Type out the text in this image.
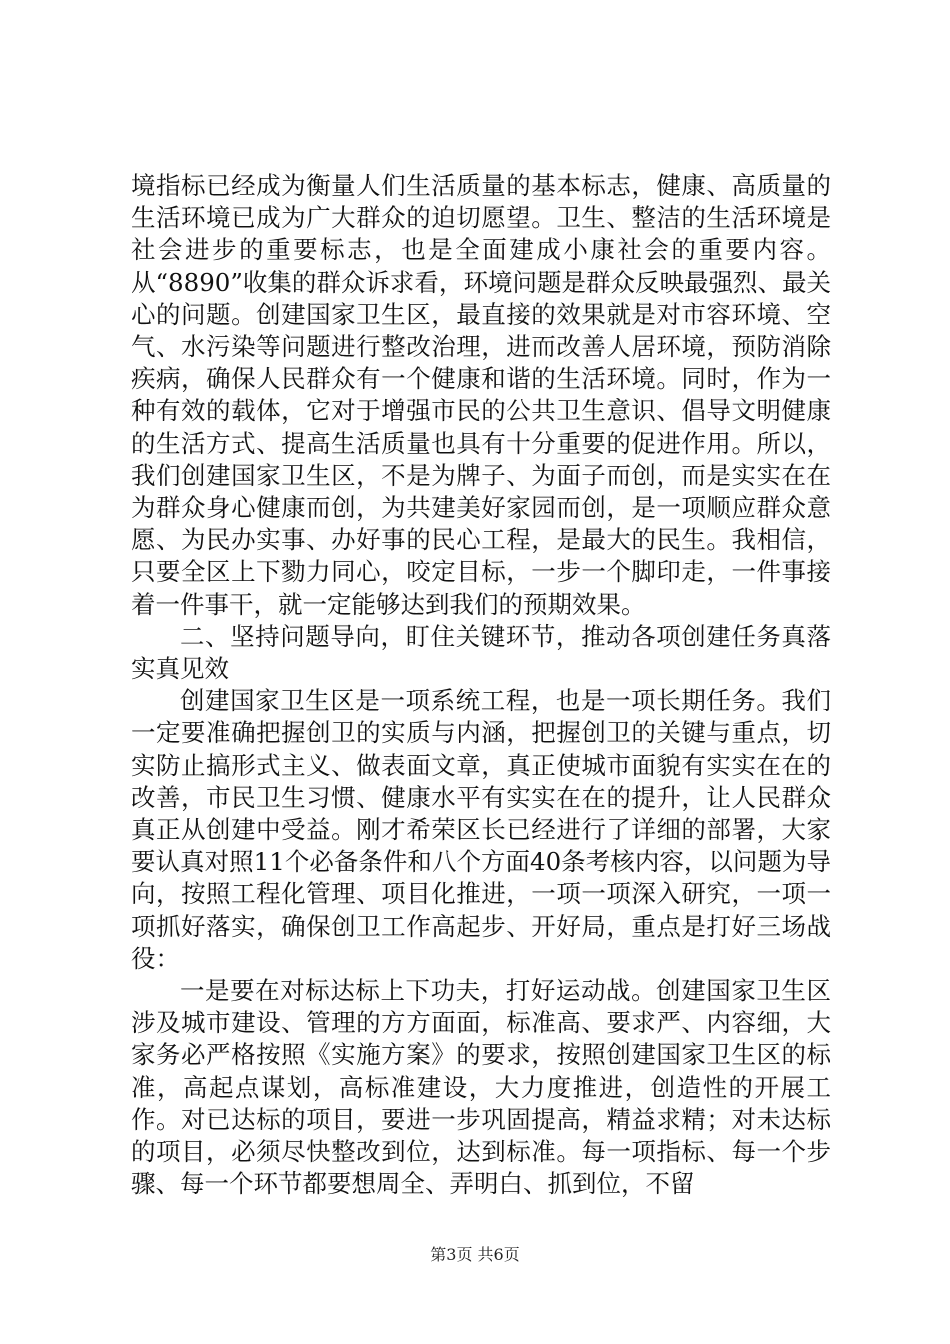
境指标已经成为衡量人们生活质量的基本标志，健康、高质量的生活环境已成为广大群众的迫切愿望。卫生、整洁的生活环境是社会进步的重要标志，也是全面建成小康社会的重要内容。从“8890”收集的群众诉求看，环境问题是群众反映最强烈、最关心的问题。创建国家卫生区，最直接的效果就是对市容环境、空气、水污染等问题进行整改治理，进而改善人居环境，预防消除疾病，确保人民群众有一个健康和谐的生活环境。同时，作为一种有效的载体，它对于增强市民的公共卫生意识、倡导文明健康的生活方式、提高生活质量也具有十分重要的促进作用。所以，我们创建国家卫生区，不是为牌子、为面子而创，而是实实在在为群众身心健康而创，为共建美好家园而创，是一项顺应群众意愿、为民办实事、办好事的民心工程，是最大的民生。我相信，只要全区上下勠力同心，咬定目标，一步一个脚印走，一件事接着一件事干，就一定能够达到我们的预期效果。

二、坚持问题导向，盯住关键环节，推动各项创建任务真落实真见效

创建国家卫生区是一项系统工程，也是一项长期任务。我们一定要准确把握创卫的实质与内涵，把握创卫的关键与重点，切实防止搞形式主义、做表面文章，真正使城市面貌有实实在在的改善，市民卫生习惯、健康水平有实实在在的提升，让人民群众真正从创建中受益。刚才希荣区长已经进行了详细的部署，大家要认真对照11个必备条件和八个方面40条考核内容，以问题为导向，按照工程化管理、项目化推进，一项一项深入研究，一项一项抓好落实，确保创卫工作高起步、开好局，重点是打好三场战役：

一是要在对标达标上下功夫，打好运动战。创建国家卫生区涉及城市建设、管理的方方面面，标准高、要求严、内容细，大家务必严格按照《实施方案》的要求，按照创建国家卫生区的标准，高起点谋划，高标准建设，大力度推进，创造性的开展工作。对已达标的项目，要进一步巩固提高，精益求精；对未达标的项目，必须尽快整改到位，达到标准。每一项指标、每一个步骤、每一个环节都要想周全、弄明白、抓到位，不留

第3页 共6页
